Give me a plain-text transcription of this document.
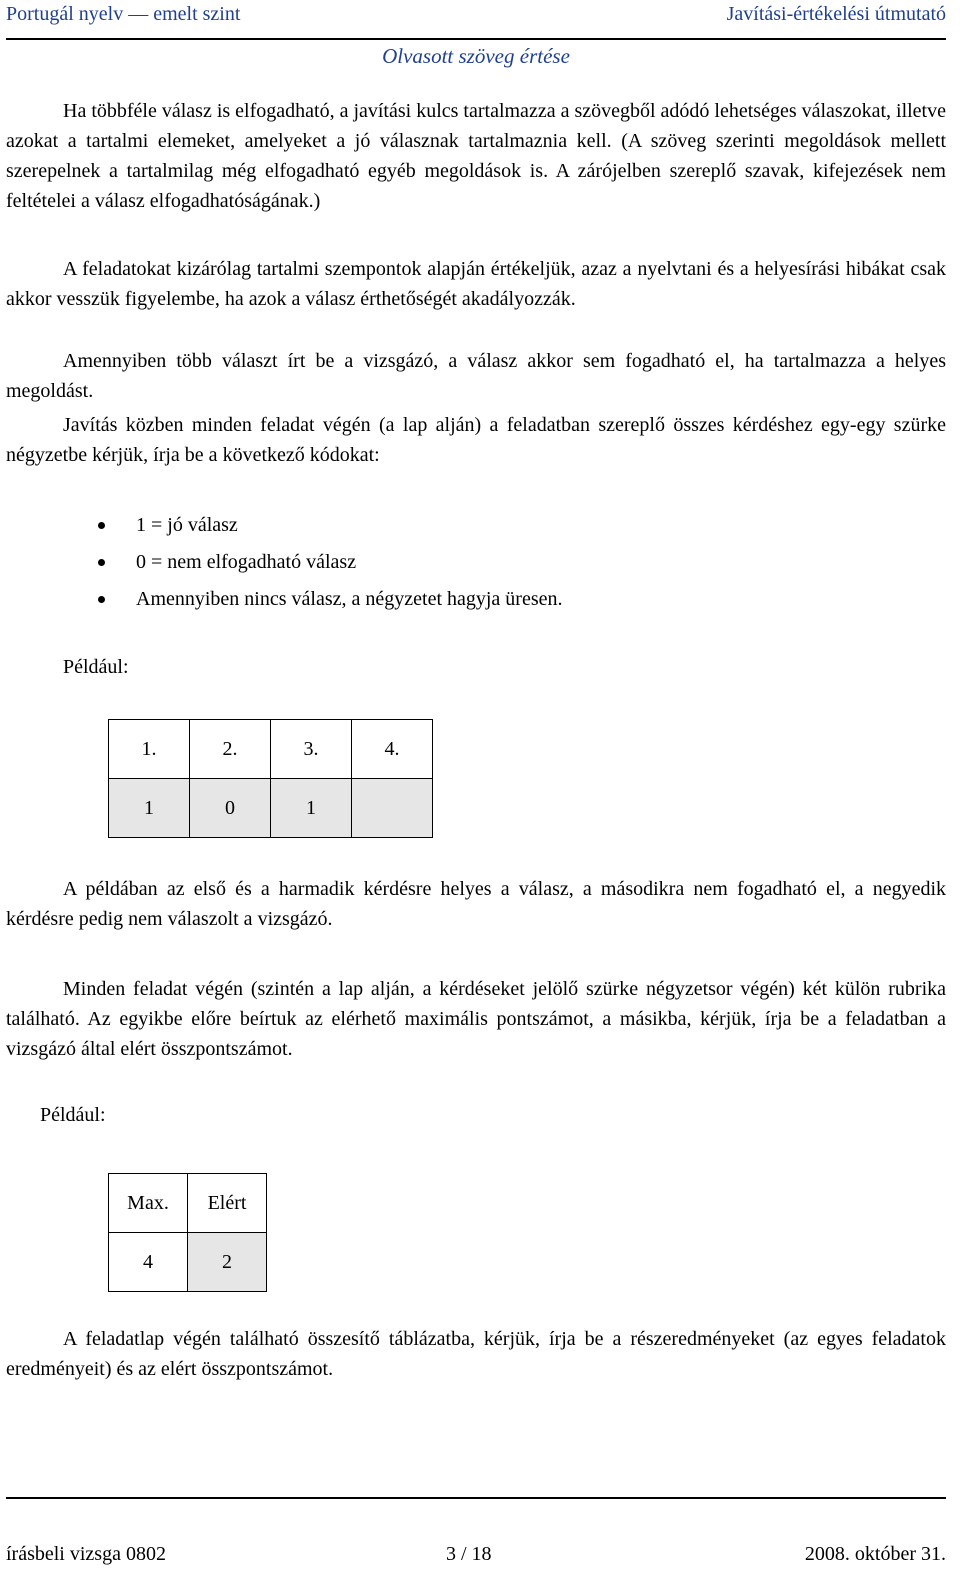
Portugál nyelv — emelt szint	Javítási-értékelési útmutató
Olvasott szöveg értése

Ha többféle válasz is elfogadható, a javítási kulcs tartalmazza a szövegből adódó lehetséges válaszokat, illetve azokat a tartalmi elemeket, amelyeket a jó válasznak tartalmaznia kell. (A szöveg szerinti megoldások mellett szerepelnek a tartalmilag még elfogadható egyéb megoldások is. A zárójelben szereplő szavak, kifejezések nem feltételei a válasz elfogadhatóságának.)

A feladatokat kizárólag tartalmi szempontok alapján értékeljük, azaz a nyelvtani és a helyesírási hibákat csak akkor vesszük figyelembe, ha azok a válasz érthetőségét akadályozzák.

Amennyiben több választ írt be a vizsgázó, a válasz akkor sem fogadható el, ha tartalmazza a helyes megoldást.

Javítás közben minden feladat végén (a lap alján) a feladatban szereplő összes kérdéshez egy-egy szürke négyzetbe kérjük, írja be a következő kódokat:

1 = jó válasz
0 = nem elfogadható válasz
Amennyiben nincs válasz, a négyzetet hagyja üresen.
Például:
1.	2.	3.	4.
1	0	1	

A példában az első és a harmadik kérdésre helyes a válasz, a másodikra nem fogadható el, a negyedik kérdésre pedig nem válaszolt a vizsgázó.

Minden feladat végén (szintén a lap alján, a kérdéseket jelölő szürke négyzetsor végén) két külön rubrika található. Az egyikbe előre beírtuk az elérhető maximális pontszámot, a másikba, kérjük, írja be a feladatban a vizsgázó által elért összpontszámot.

Például:
Max.	Elért
4	2

A feladatlap végén található összesítő táblázatba, kérjük, írja be a részeredményeket (az egyes feladatok eredményeit) és az elért összpontszámot.

írásbeli vizsga 0802	3 / 18	2008. október 31.
